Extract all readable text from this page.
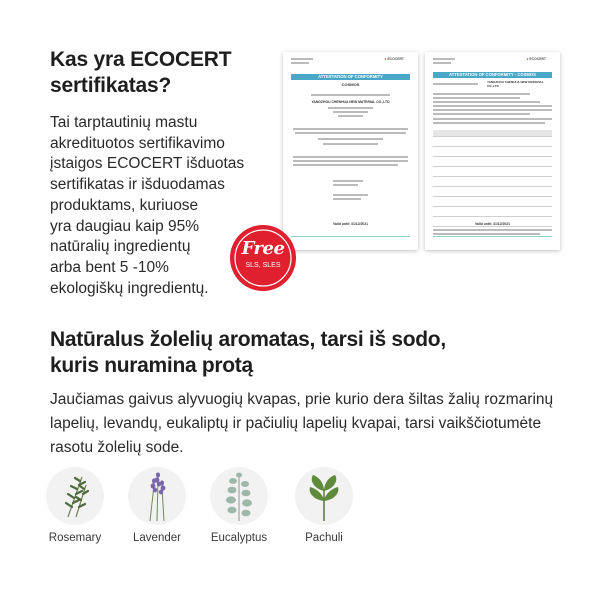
Kas yra ECOCERT
sertifikatas?
Tai tarptautinių mastu
akredituotos sertifikavimo
įstaigos ECOCERT išduotas
sertifikatas ir išduodamas
produktams, kuriuose
yra daugiau kaip 95%
natūralių ingredientų
arba bent 5 -10%
ekologiškų ingredientų.
● ECOCERT
ATTESTATION OF CONFORMITY
COSMOS
YANGZHOU CHENHUA NEW MATERIAL CO.,LTD
Valid until: 31/12/2021
● ECOCERT
ATTESTATION OF CONFORMITY - COSMOS
YANGZHOU CHENHUA NEW MATERIAL CO.,LTD
Valid until: 31/12/2021
Free
SLS, SLES
Natūralus žolelių aromatas, tarsi iš sodo,
kuris nuramina protą
Jaučiamas gaivus alyvuogių kvapas, prie kurio dera šiltas žalių rozmarinų
lapelių, levandų, eukaliptų ir pačiulių lapelių kvapai, tarsi vaikščiotumėte
rasotu žolelių sode.
Rosemary	Lavender	Eucalyptus	Pachuli
